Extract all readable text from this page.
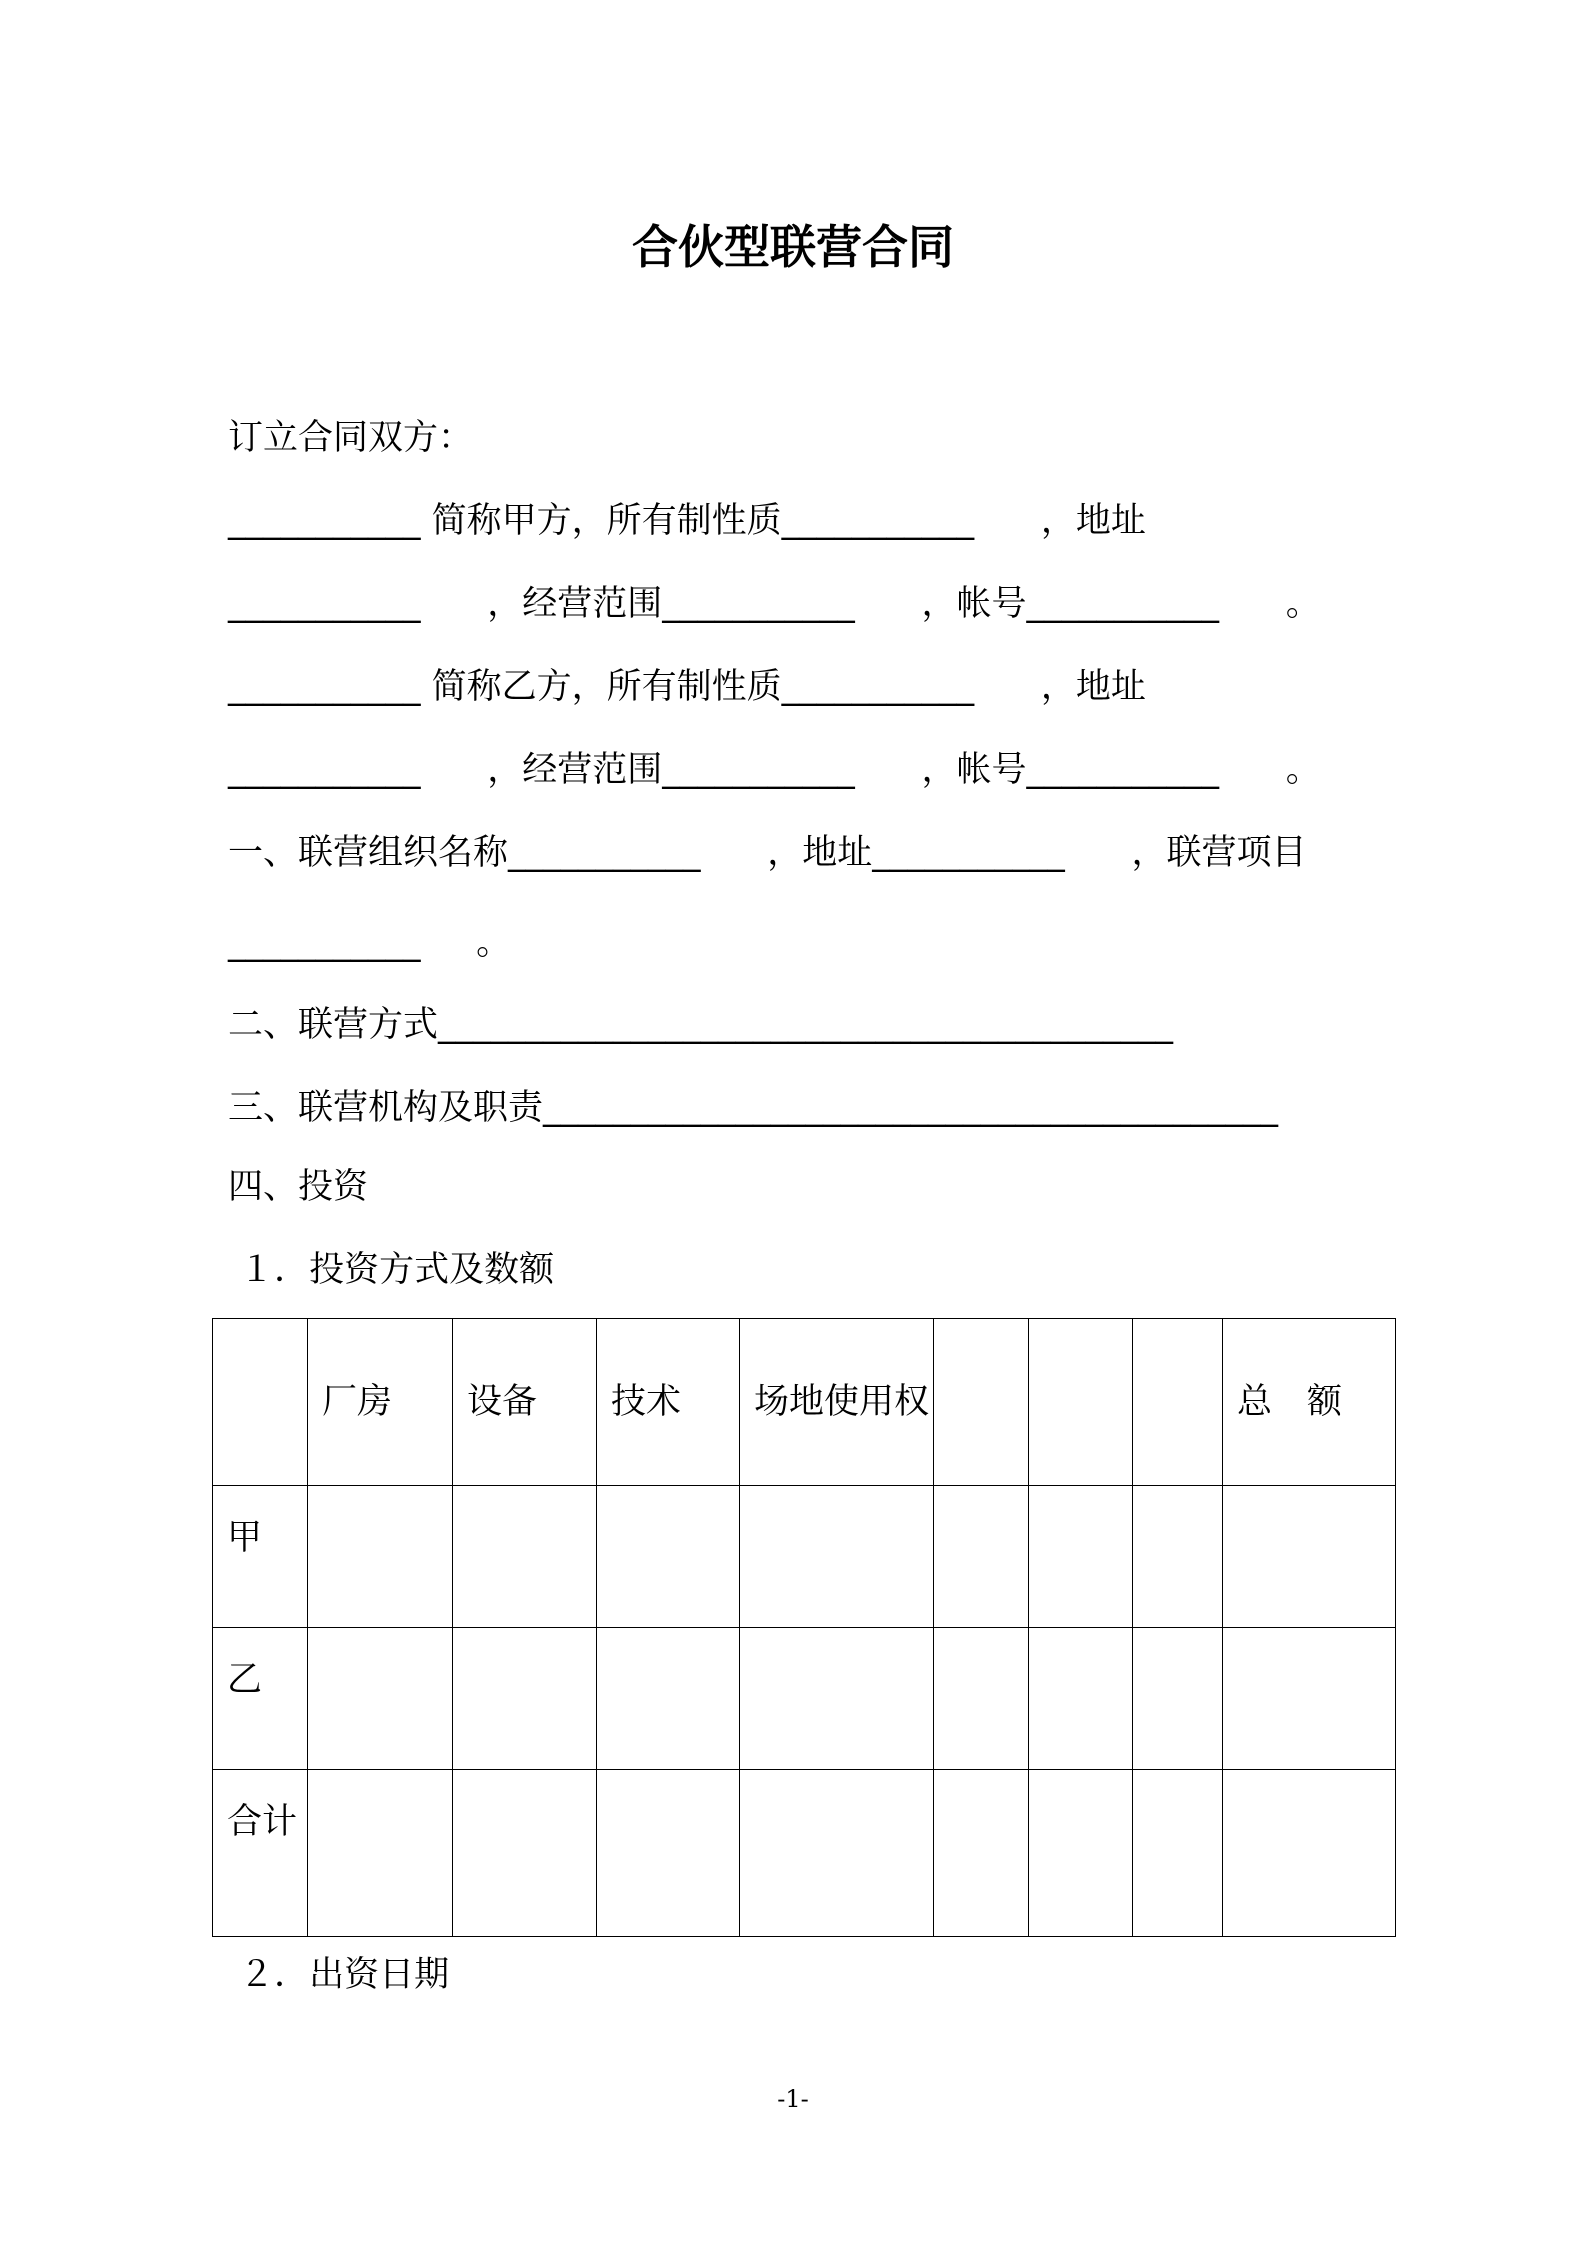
合伙型联营合同
订立合同双方：
___________ 简称甲方，所有制性质___________      ，地址
___________      ，经营范围___________      ，帐号___________      。
___________ 简称乙方，所有制性质___________      ，地址
___________      ，经营范围___________      ，帐号___________      。
一、联营组织名称___________      ，地址___________      ，联营项目
___________     。
二、联营方式__________________________________________
三、联营机构及职责__________________________________________
四、投资
１．投资方式及数额
	厂房	设备	技术	场地使用权				总　额
甲								
乙								
合计								
２．出资日期
-1-
